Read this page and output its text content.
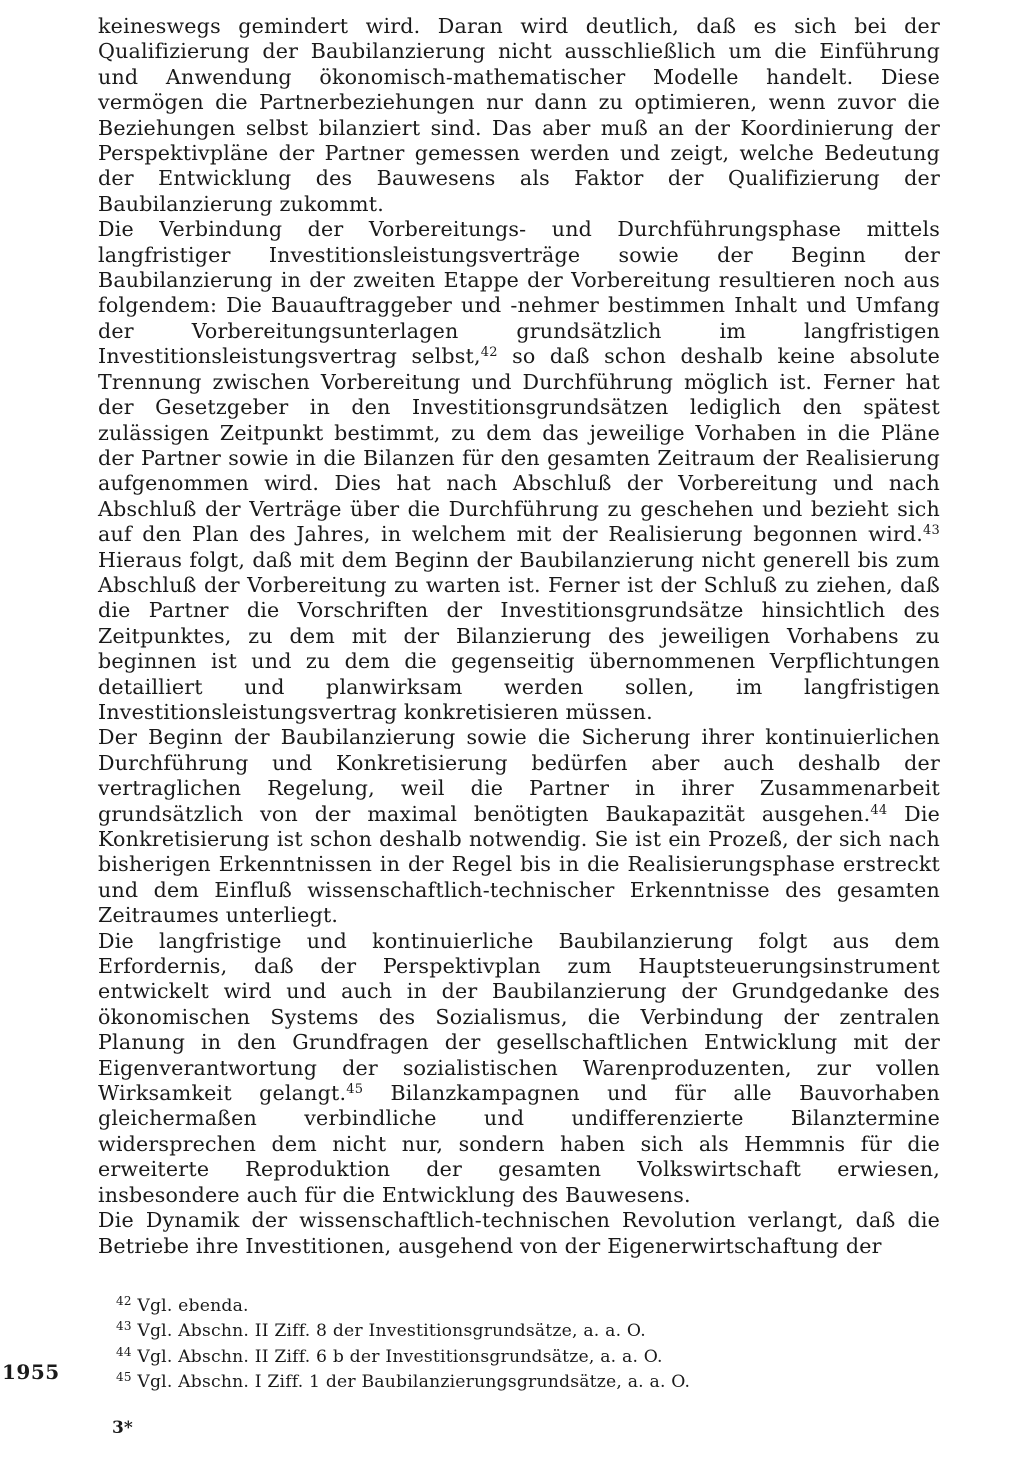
keineswegs gemindert wird. Daran wird deutlich, daß es sich bei der Qualifizierung der Baubilanzierung nicht ausschließlich um die Einführung und Anwendung ökonomisch-mathematischer Modelle handelt. Diese vermögen die Partnerbeziehungen nur dann zu optimieren, wenn zuvor die Beziehungen selbst bilanziert sind. Das aber muß an der Koordinierung der Perspektivpläne der Partner gemessen werden und zeigt, welche Bedeutung der Entwicklung des Bauwesens als Faktor der Qualifizierung der Baubilanzierung zukommt.

Die Verbindung der Vorbereitungs- und Durchführungsphase mittels langfristiger Investitionsleistungsverträge sowie der Beginn der Baubilanzierung in der zweiten Etappe der Vorbereitung resultieren noch aus folgendem: Die Bauauftraggeber und -nehmer bestimmen Inhalt und Umfang der Vorbereitungsunterlagen grundsätzlich im langfristigen Investitionsleistungsvertrag selbst,$^{42}$ so daß schon deshalb keine absolute Trennung zwischen Vorbereitung und Durchführung möglich ist. Ferner hat der Gesetzgeber in den Investitionsgrundsätzen lediglich den spätest zulässigen Zeitpunkt bestimmt, zu dem das jeweilige Vorhaben in die Pläne der Partner sowie in die Bilanzen für den gesamten Zeitraum der Realisierung aufgenommen wird. Dies hat nach Abschluß der Vorbereitung und nach Abschluß der Verträge über die Durchführung zu geschehen und bezieht sich auf den Plan des Jahres, in welchem mit der Realisierung begonnen wird.$^{43}$ Hieraus folgt, daß mit dem Beginn der Baubilanzierung nicht generell bis zum Abschluß der Vorbereitung zu warten ist. Ferner ist der Schluß zu ziehen, daß die Partner die Vorschriften der Investitionsgrundsätze hinsichtlich des Zeitpunktes, zu dem mit der Bilanzierung des jeweiligen Vorhabens zu beginnen ist und zu dem die gegenseitig übernommenen Verpflichtungen detailliert und planwirksam werden sollen, im langfristigen Investitionsleistungsvertrag konkretisieren müssen.

Der Beginn der Baubilanzierung sowie die Sicherung ihrer kontinuierlichen Durchführung und Konkretisierung bedürfen aber auch deshalb der vertraglichen Regelung, weil die Partner in ihrer Zusammenarbeit grundsätzlich von der maximal benötigten Baukapazität ausgehen.$^{44}$ Die Konkretisierung ist schon deshalb notwendig. Sie ist ein Prozeß, der sich nach bisherigen Erkenntnissen in der Regel bis in die Realisierungsphase erstreckt und dem Einfluß wissenschaftlich-technischer Erkenntnisse des gesamten Zeitraumes unterliegt.

Die langfristige und kontinuierliche Baubilanzierung folgt aus dem Erfordernis, daß der Perspektivplan zum Hauptsteuerungsinstrument entwickelt wird und auch in der Baubilanzierung der Grundgedanke des ökonomischen Systems des Sozialismus, die Verbindung der zentralen Planung in den Grundfragen der gesellschaftlichen Entwicklung mit der Eigenverantwortung der sozialistischen Warenproduzenten, zur vollen Wirksamkeit gelangt.$^{45}$ Bilanzkampagnen und für alle Bauvorhaben gleichermaßen verbindliche und undifferenzierte Bilanztermine widersprechen dem nicht nur, sondern haben sich als Hemmnis für die erweiterte Reproduktion der gesamten Volkswirtschaft erwiesen, insbesondere auch für die Entwicklung des Bauwesens.

Die Dynamik der wissenschaftlich-technischen Revolution verlangt, daß die Betriebe ihre Investitionen, ausgehend von der Eigenerwirtschaftung der

$^{42}$ Vgl. ebenda.
$^{43}$ Vgl. Abschn. II Ziff. 8 der Investitionsgrundsätze, a. a. O.
$^{44}$ Vgl. Abschn. II Ziff. 6 b der Investitionsgrundsätze, a. a. O.
$^{45}$ Vgl. Abschn. I Ziff. 1 der Baubilanzierungsgrundsätze, a. a. O.
1955
3*
